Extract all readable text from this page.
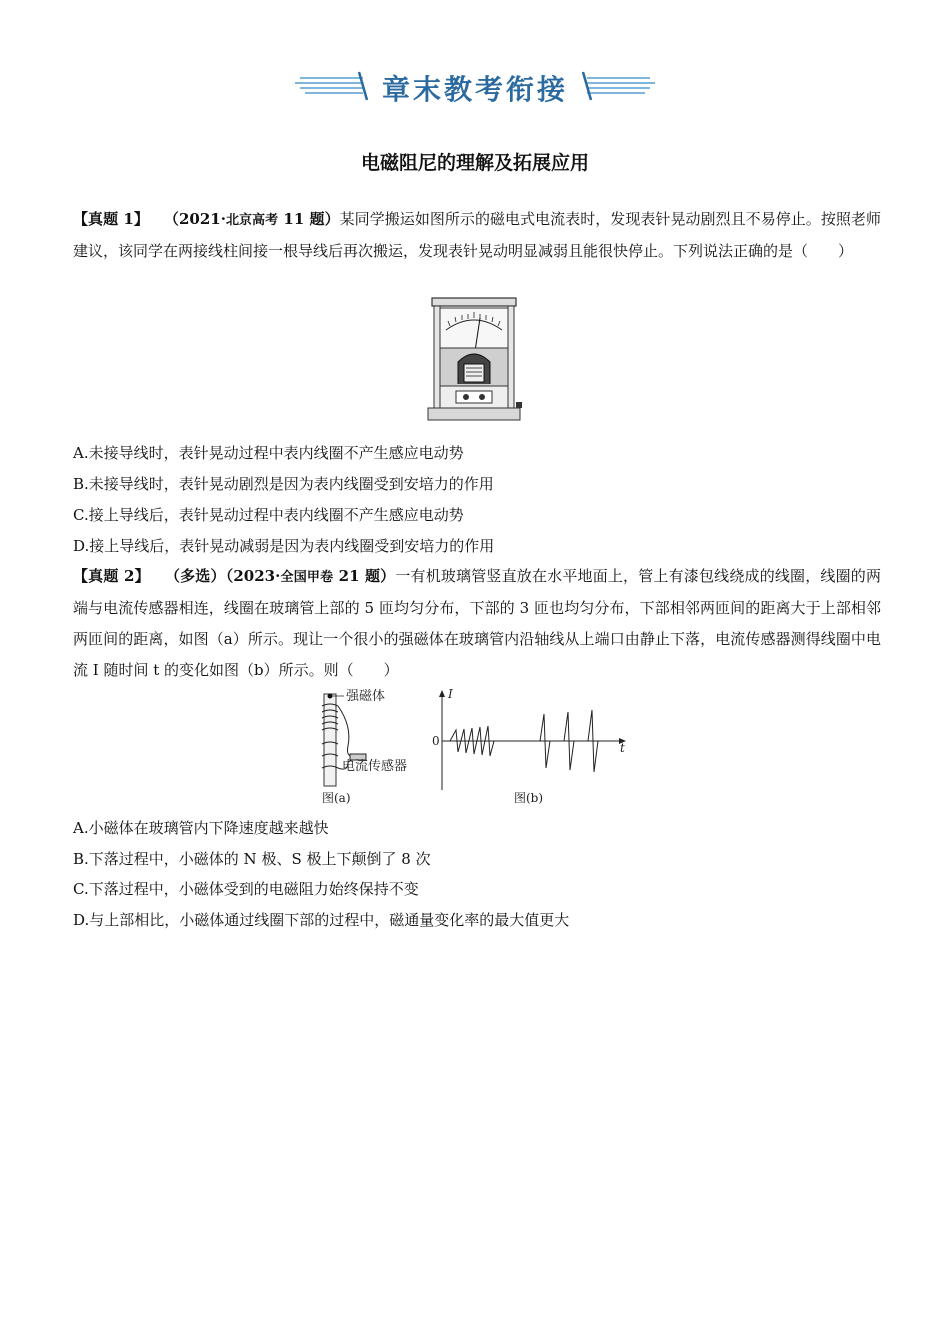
章末教考衔接
电磁阻尼的理解及拓展应用
【真题 1】  （2021·北京高考 11 题）某同学搬运如图所示的磁电式电流表时，发现表针晃动剧烈且不易停止。按照老师建议，该同学在两接线柱间接一根导线后再次搬运，发现表针晃动明显减弱且能很快停止。下列说法正确的是（　　）
A.未接导线时，表针晃动过程中表内线圈不产生感应电动势
B.未接导线时，表针晃动剧烈是因为表内线圈受到安培力的作用
C.接上导线后，表针晃动过程中表内线圈不产生感应电动势
D.接上导线后，表针晃动减弱是因为表内线圈受到安培力的作用
【真题 2】  （多选）（2023·全国甲卷 21 题）一有机玻璃管竖直放在水平地面上，管上有漆包线绕成的线圈，线圈的两端与电流传感器相连，线圈在玻璃管上部的 5 匝均匀分布，下部的 3 匝也均匀分布，下部相邻两匝间的距离大于上部相邻两匝间的距离，如图（a）所示。现让一个很小的强磁体在玻璃管内沿轴线从上端口由静止下落，电流传感器测得线圈中电流 I 随时间 t 的变化如图（b）所示。则（　　）
强磁体
电流传感器
图(a)
I
0	t
图(b)
A.小磁体在玻璃管内下降速度越来越快
B.下落过程中，小磁体的 N 极、S 极上下颠倒了 8 次
C.下落过程中，小磁体受到的电磁阻力始终保持不变
D.与上部相比，小磁体通过线圈下部的过程中，磁通量变化率的最大值更大
